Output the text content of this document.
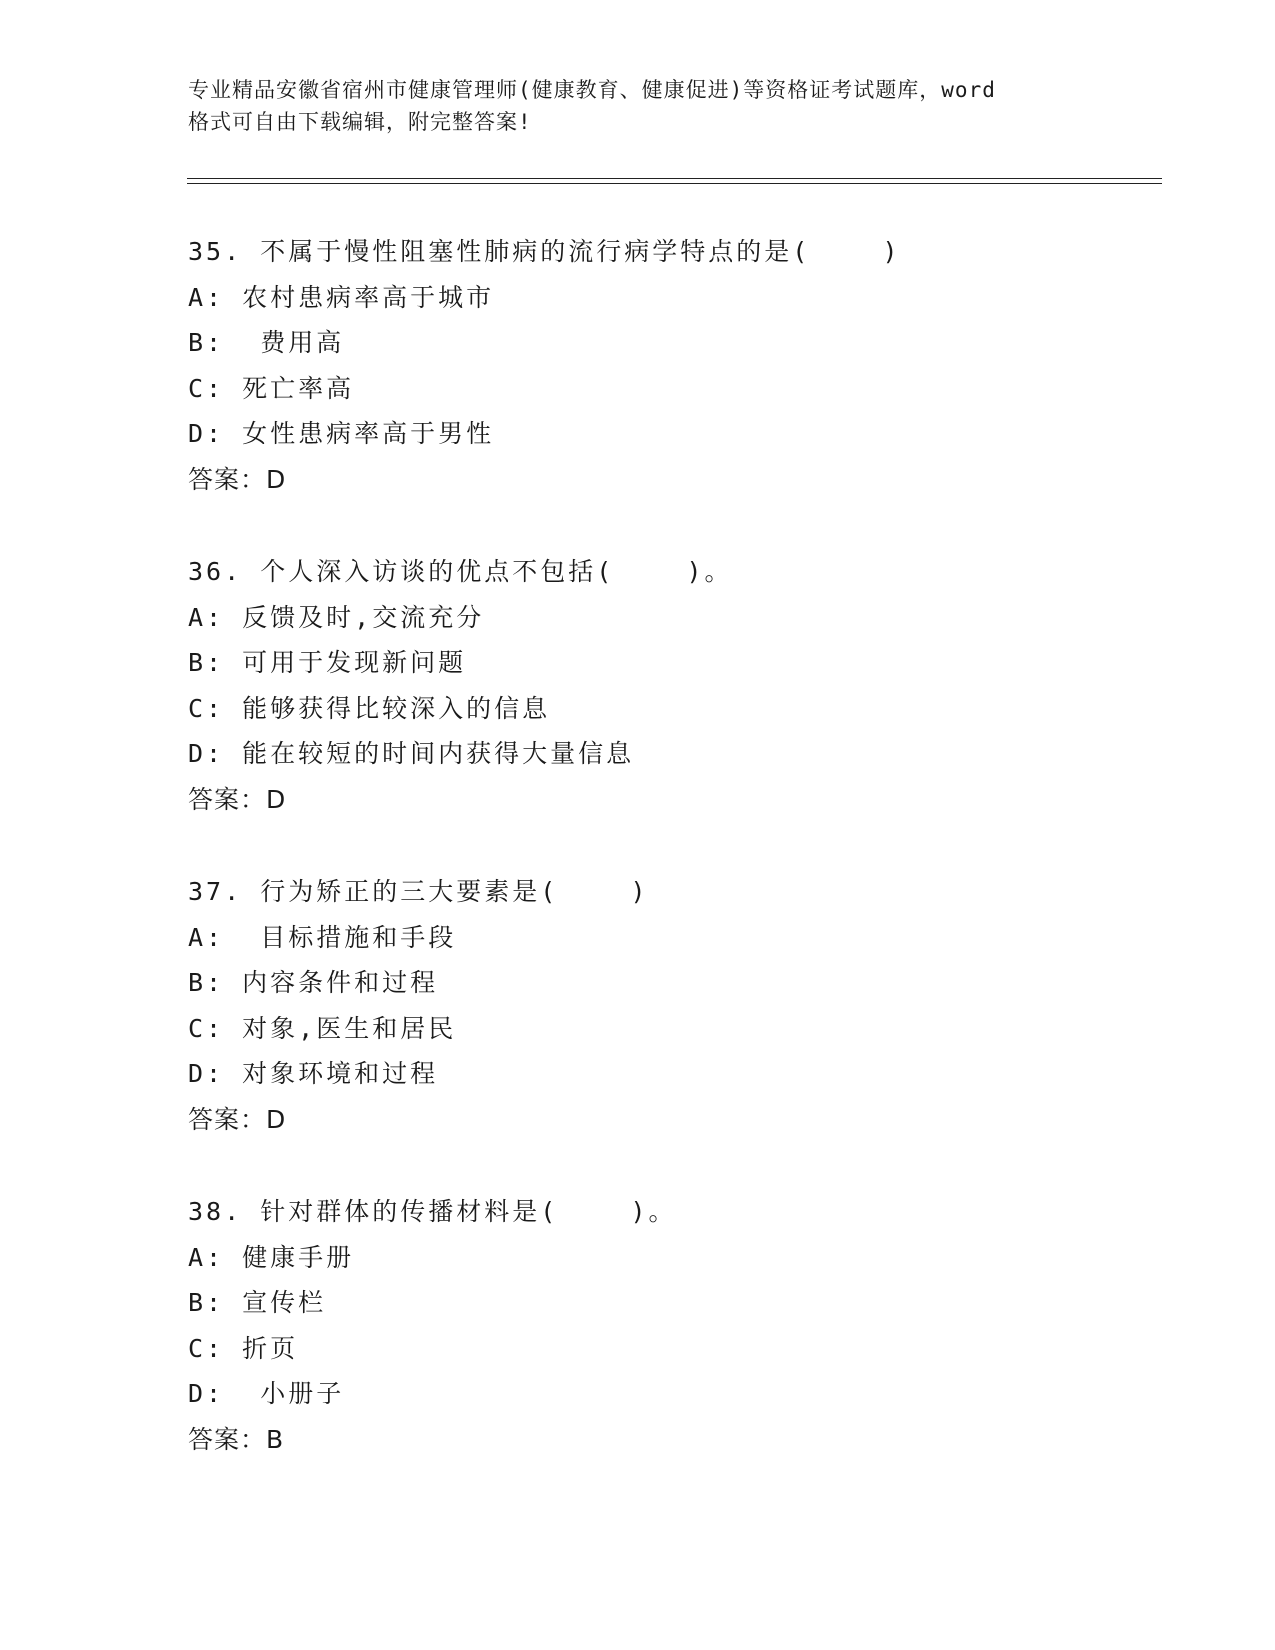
专业精品安徽省宿州市健康管理师(健康教育、健康促进)等资格证考试题库，word
格式可自由下载编辑，附完整答案!
35. 不属于慢性阻塞性肺病的流行病学特点的是(    )
A: 农村患病率高于城市
B:  费用高
C: 死亡率高
D: 女性患病率高于男性
答案：D
36. 个人深入访谈的优点不包括(    )。
A: 反馈及时,交流充分
B: 可用于发现新问题
C: 能够获得比较深入的信息
D: 能在较短的时间内获得大量信息
答案：D
37. 行为矫正的三大要素是(    )
A:  目标措施和手段
B: 内容条件和过程
C: 对象,医生和居民
D: 对象环境和过程
答案：D
38. 针对群体的传播材料是(    )。
A: 健康手册
B: 宣传栏
C: 折页
D:  小册子
答案：B
